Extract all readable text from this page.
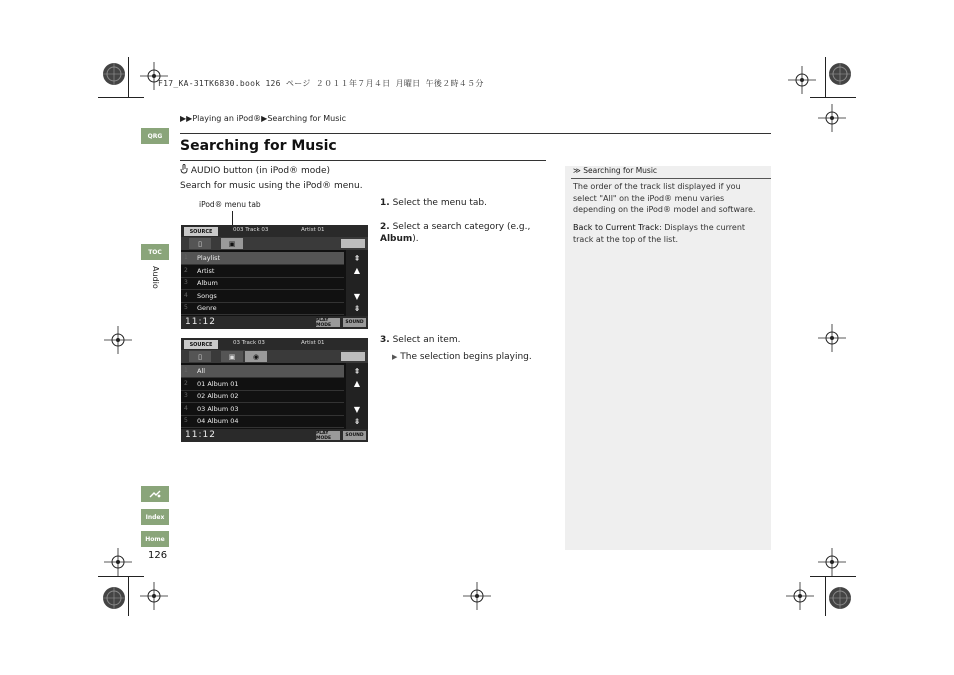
F17_KA-31TK6830.book 126 ページ ２０１１年７月４日 月曜日 午後２時４５分
▶▶Playing an iPod®▶Searching for Music
QRG
TOC
Audio
Index
Home
126
Searching for Music
AUDIO button (in iPod® mode)
Search for music using the iPod® menu.
iPod® menu tab
SOURCE	003 Track 03	Artist 01
▯	▣
1 Playlist
2 Artist
3 Album
4 Songs
5 Genre
⇞
▲
▼
⇟
11:12	PLAY MODE	SOUND
SOURCE	03 Track 03	Artist 01
▯	▣	◉
1 All
2 01 Album 01
3 02 Album 02
4 03 Album 03
5 04 Album 04
⇞
▲
▼
⇟
11:12	PLAY MODE	SOUND
1. Select the menu tab.
2. Select a search category (e.g., Album).
3. Select an item.
▶ The selection begins playing.
≫ Searching for Music
The order of the track list displayed if you select "All" on the iPod® menu varies depending on the iPod® model and software.
Back to Current Track: Displays the current track at the top of the list.
